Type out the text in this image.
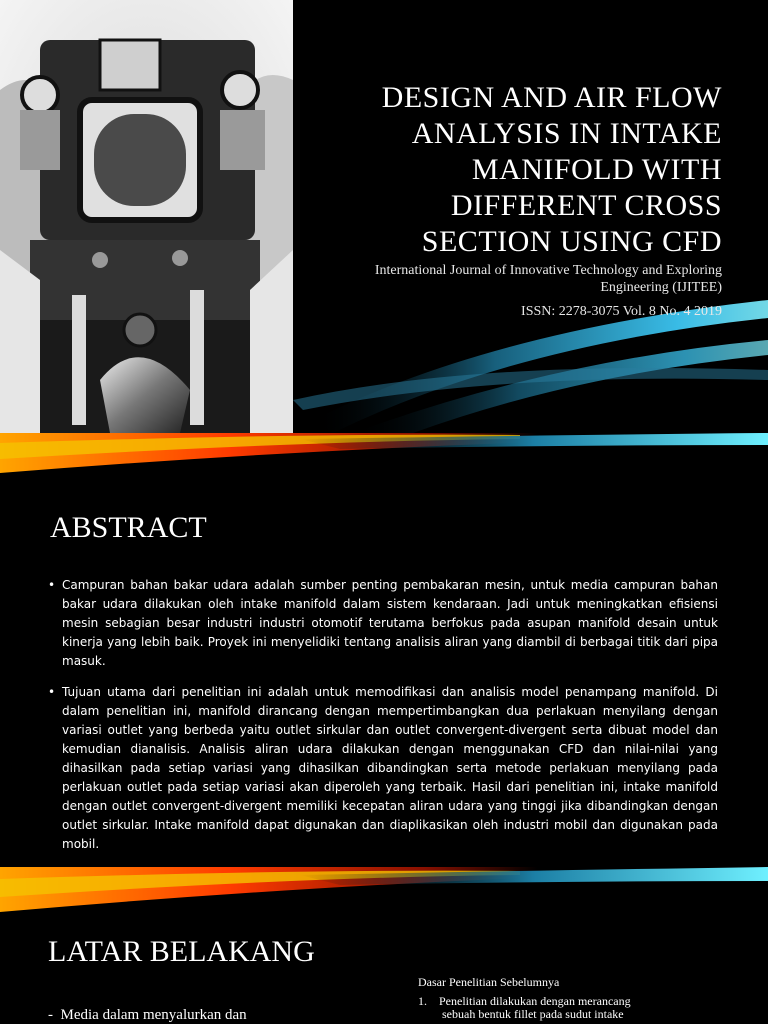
DESIGN AND AIR FLOW ANALYSIS IN INTAKE MANIFOLD WITH DIFFERENT CROSS SECTION USING CFD
International Journal of Innovative Technology and Exploring Engineering (IJITEE)
ISSN: 2278-3075 Vol. 8 No. 4 2019
ABSTRACT
• Campuran bahan bakar udara adalah sumber penting pembakaran mesin, untuk media campuran bahan bakar udara dilakukan oleh intake manifold dalam sistem kendaraan. Jadi untuk meningkatkan efisiensi mesin sebagian besar industri industri otomotif terutama berfokus pada asupan manifold desain untuk kinerja yang lebih baik. Proyek ini menyelidiki tentang analisis aliran yang diambil di berbagai titik dari pipa masuk.
• Tujuan utama dari penelitian ini adalah untuk memodifikasi dan analisis model penampang manifold. Di dalam penelitian ini, manifold dirancang dengan mempertimbangkan dua perlakuan menyilang dengan variasi outlet yang berbeda yaitu outlet sirkular dan outlet convergent-divergent serta dibuat model dan kemudian dianalisis. Analisis aliran udara dilakukan dengan menggunakan CFD dan nilai-nilai yang dihasilkan pada setiap variasi yang dihasilkan dibandingkan serta metode perlakuan menyilang pada perlakuan outlet pada setiap variasi akan diperoleh yang terbaik. Hasil dari penelitian ini, intake manifold dengan outlet convergent-divergent memiliki kecepatan aliran udara yang tinggi jika dibandingkan dengan outlet sirkular. Intake manifold dapat digunakan dan diaplikasikan oleh industri mobil dan digunakan pada mobil.
LATAR BELAKANG
- Media dalam menyalurkan dan
Dasar Penelitian Sebelumnya
1. Penelitian dilakukan dengan merancang
sebuah bentuk fillet pada sudut intake
